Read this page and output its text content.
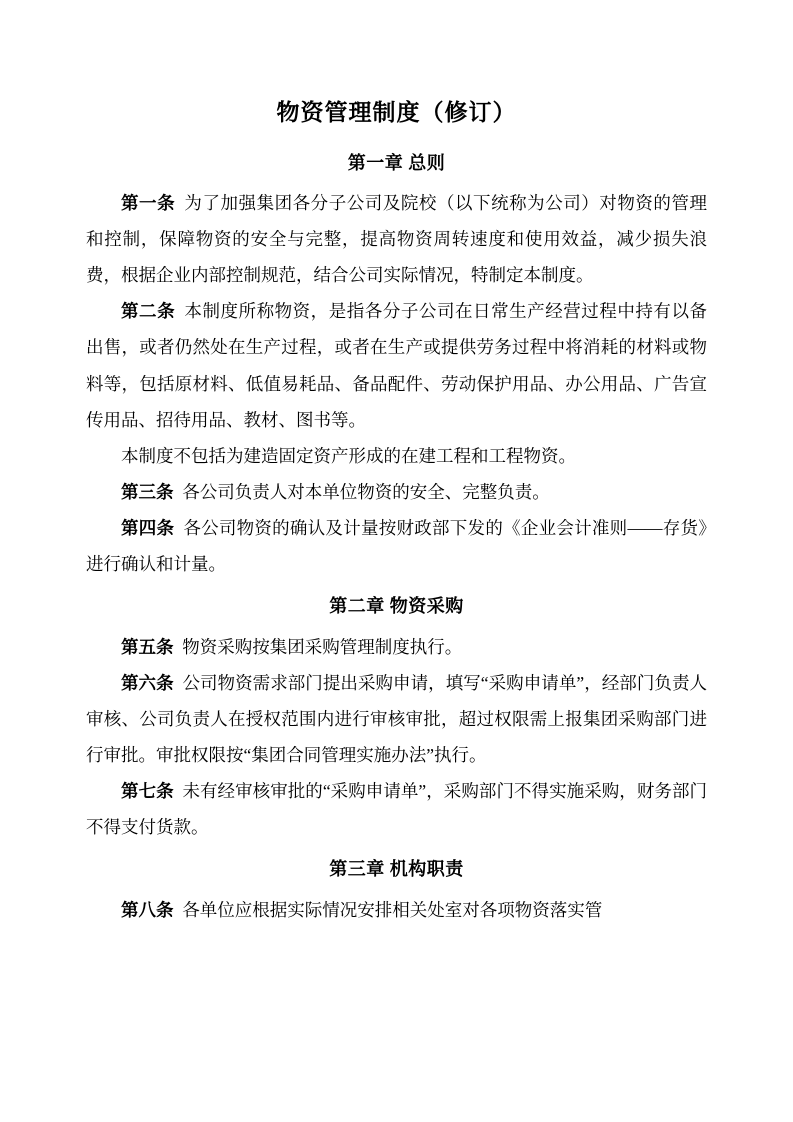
物资管理制度（修订）
第一章 总则

第一条 为了加强集团各分子公司及院校（以下统称为公司）对物资的管理和控制，保障物资的安全与完整，提高物资周转速度和使用效益，减少损失浪费，根据企业内部控制规范，结合公司实际情况，特制定本制度。

第二条 本制度所称物资，是指各分子公司在日常生产经营过程中持有以备出售，或者仍然处在生产过程，或者在生产或提供劳务过程中将消耗的材料或物料等，包括原材料、低值易耗品、备品配件、劳动保护用品、办公用品、广告宣传用品、招待用品、教材、图书等。

本制度不包括为建造固定资产形成的在建工程和工程物资。

第三条 各公司负责人对本单位物资的安全、完整负责。

第四条 各公司物资的确认及计量按财政部下发的《企业会计准则——存货》进行确认和计量。

第二章 物资采购

第五条 物资采购按集团采购管理制度执行。

第六条 公司物资需求部门提出采购申请，填写“采购申请单”，经部门负责人审核、公司负责人在授权范围内进行审核审批，超过权限需上报集团采购部门进行审批。审批权限按“集团合同管理实施办法”执行。

第七条 未有经审核审批的“采购申请单”，采购部门不得实施采购，财务部门不得支付货款。

第三章 机构职责

第八条 各单位应根据实际情况安排相关处室对各项物资落实管
